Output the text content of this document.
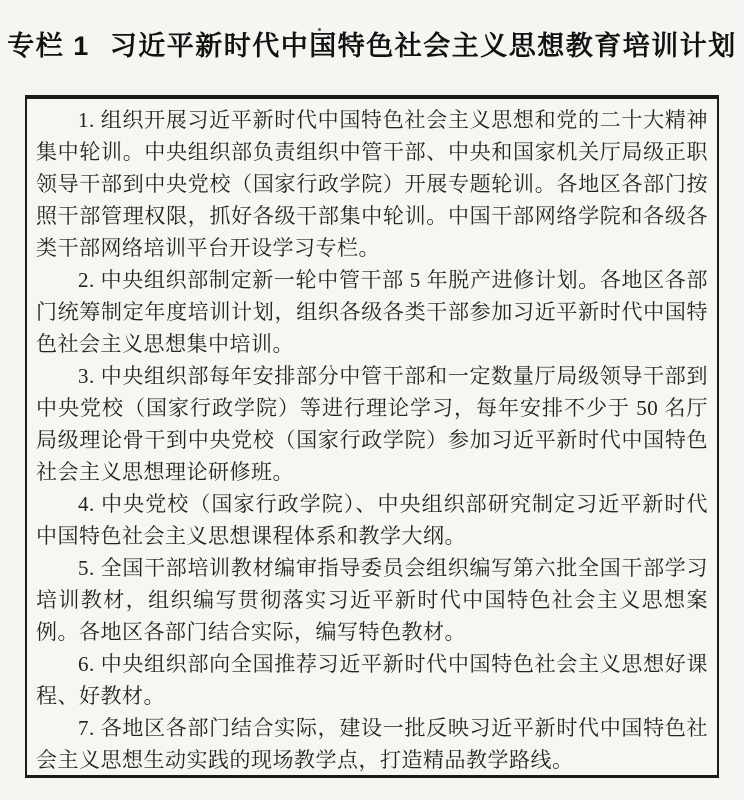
专栏 1 习近平新时代中国特色社会主义思想教育培训计划

1. 组织开展习近平新时代中国特色社会主义思想和党的二十大精神集中轮训。中央组织部负责组织中管干部、中央和国家机关厅局级正职领导干部到中央党校（国家行政学院）开展专题轮训。各地区各部门按照干部管理权限，抓好各级干部集中轮训。中国干部网络学院和各级各类干部网络培训平台开设学习专栏。

2. 中央组织部制定新一轮中管干部 5 年脱产进修计划。各地区各部门统筹制定年度培训计划，组织各级各类干部参加习近平新时代中国特色社会主义思想集中培训。

3. 中央组织部每年安排部分中管干部和一定数量厅局级领导干部到中央党校（国家行政学院）等进行理论学习，每年安排不少于 50 名厅局级理论骨干到中央党校（国家行政学院）参加习近平新时代中国特色社会主义思想理论研修班。

4. 中央党校（国家行政学院）、中央组织部研究制定习近平新时代中国特色社会主义思想课程体系和教学大纲。

5. 全国干部培训教材编审指导委员会组织编写第六批全国干部学习培训教材，组织编写贯彻落实习近平新时代中国特色社会主义思想案例。各地区各部门结合实际，编写特色教材。

6. 中央组织部向全国推荐习近平新时代中国特色社会主义思想好课程、好教材。

7. 各地区各部门结合实际，建设一批反映习近平新时代中国特色社会主义思想生动实践的现场教学点，打造精品教学路线。
